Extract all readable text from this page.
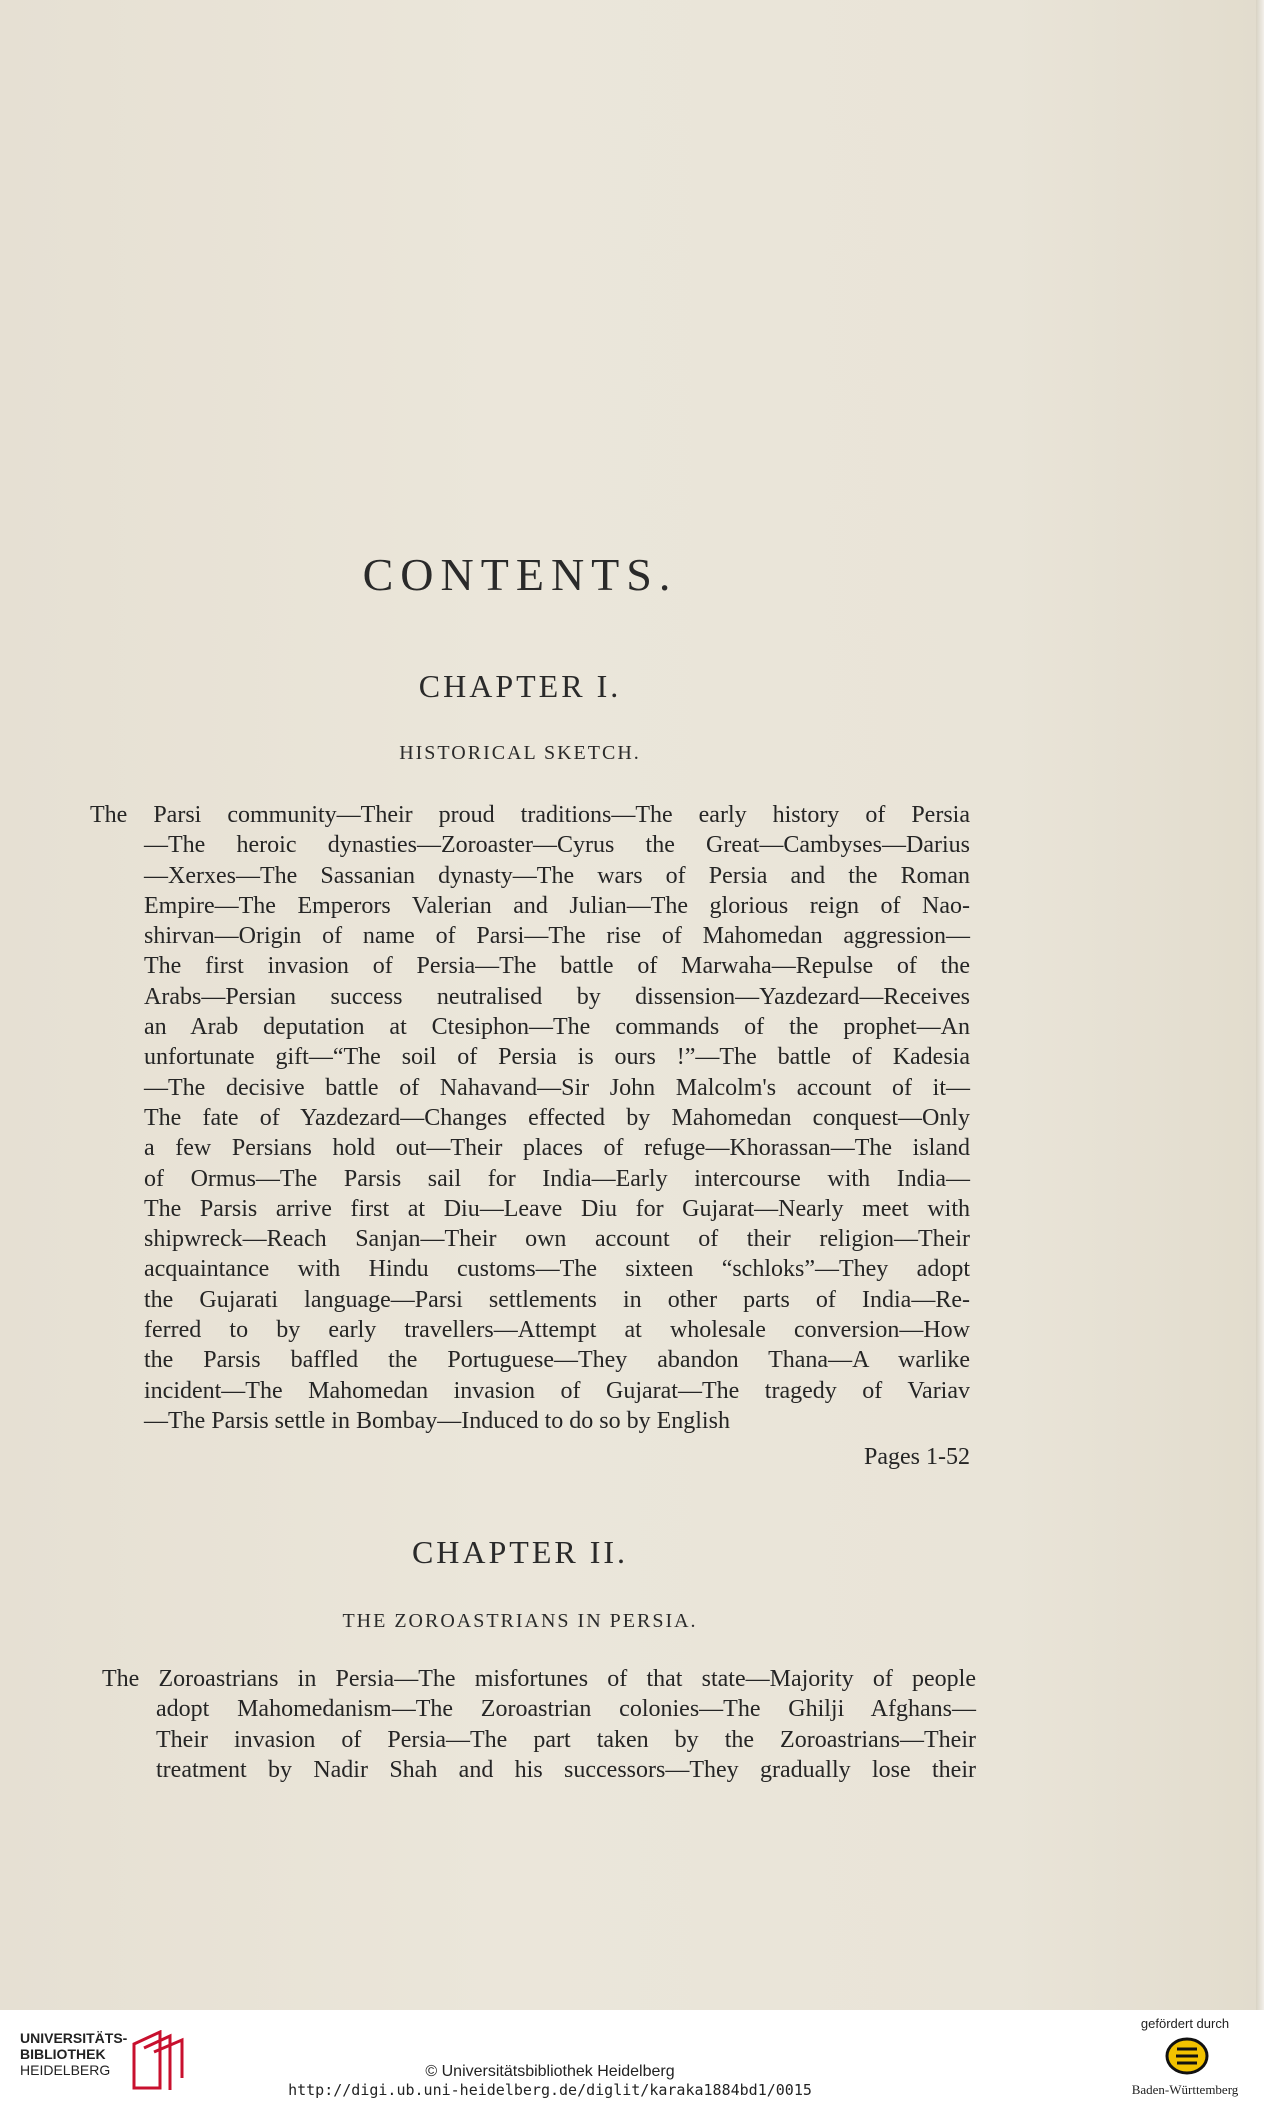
CONTENTS.
CHAPTER I.
HISTORICAL SKETCH.
The Parsi community—Their proud traditions—The early history of Persia
—The heroic dynasties—Zoroaster—Cyrus the Great—Cambyses—Darius
—Xerxes—The Sassanian dynasty—The wars of Persia and the Roman
Empire—The Emperors Valerian and Julian—The glorious reign of Nao-
shirvan—Origin of name of Parsi—The rise of Mahomedan aggression—
The first invasion of Persia—The battle of Marwaha—Repulse of the
Arabs—Persian success neutralised by dissension—Yazdezard—Receives
an Arab deputation at Ctesiphon—The commands of the prophet—An
unfortunate gift—“The soil of Persia is ours !”—The battle of Kadesia
—The decisive battle of Nahavand—Sir John Malcolm's account of it—
The fate of Yazdezard—Changes effected by Mahomedan conquest—Only
a few Persians hold out—Their places of refuge—Khorassan—The island
of Ormus—The Parsis sail for India—Early intercourse with India—
The Parsis arrive first at Diu—Leave Diu for Gujarat—Nearly meet with
shipwreck—Reach Sanjan—Their own account of their religion—Their
acquaintance with Hindu customs—The sixteen “schloks”—They adopt
the Gujarati language—Parsi settlements in other parts of India—Re-
ferred to by early travellers—Attempt at wholesale conversion—How
the Parsis baffled the Portuguese—They abandon Thana—A warlike
incident—The Mahomedan invasion of Gujarat—The tragedy of Variav
—The Parsis settle in Bombay—Induced to do so by English
Pages 1-52
CHAPTER II.
THE ZOROASTRIANS IN PERSIA.
The Zoroastrians in Persia—The misfortunes of that state—Majority of people
adopt Mahomedanism—The Zoroastrian colonies—The Ghilji Afghans—
Their invasion of Persia—The part taken by the Zoroastrians—Their
treatment by Nadir Shah and his successors—They gradually lose their
UNIVERSITÄTS-
BIBLIOTHEK
HEIDELBERG	© Universitätsbibliothek Heidelberg
http://digi.ub.uni-heidelberg.de/diglit/karaka1884bd1/0015
gefördert durch
Baden-Württemberg
